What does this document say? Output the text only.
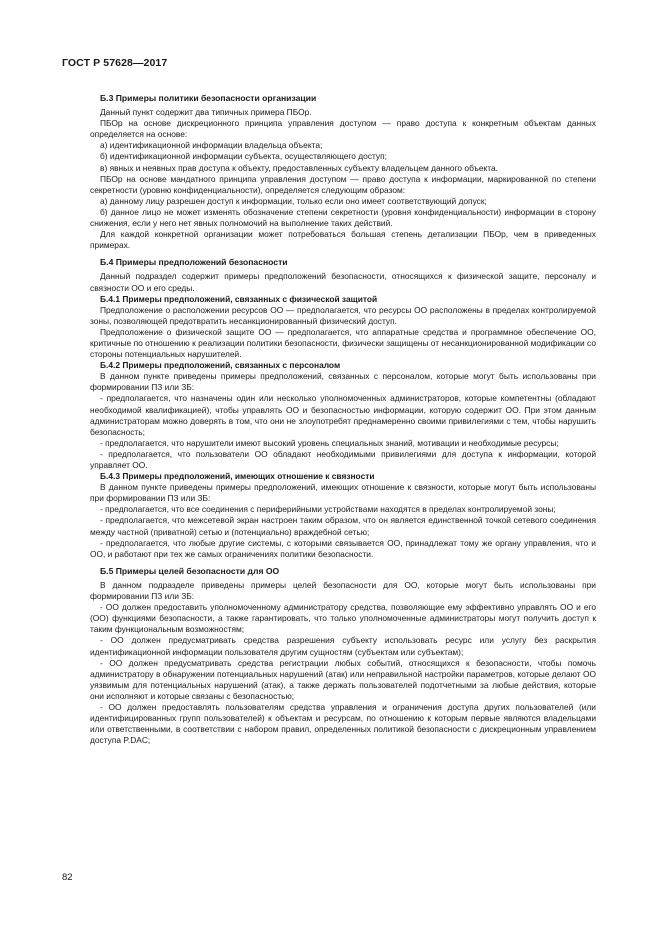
ГОСТ Р 57628—2017
Б.3 Примеры политики безопасности организации

Данный пункт содержит два типичных примера ПБОр.

ПБОр на основе дискреционного принципа управления доступом — право доступа к конкретным объектам данных определяется на основе:

а) идентификационной информации владельца объекта;

б) идентификационной информации субъекта, осуществляющего доступ;

в) явных и неявных прав доступа к объекту, предоставленных субъекту владельцем данного объекта.

ПБОр на основе мандатного принципа управления доступом — право доступа к информации, маркированной по степени секретности (уровню конфиденциальности), определяется следующим образом:

а) данному лицу разрешен доступ к информации, только если оно имеет соответствующий допуск;

б) данное лицо не может изменять обозначение степени секретности (уровня конфиденциальности) информации в сторону снижения, если у него нет явных полномочий на выполнение таких действий.

Для каждой конкретной организации может потребоваться большая степень детализации ПБОр, чем в приведенных примерах.

Б.4 Примеры предположений безопасности

Данный подраздел содержит примеры предположений безопасности, относящихся к физической защите, персоналу и связности ОО и его среды.

Б.4.1 Примеры предположений, связанных с физической защитой

Предположение о расположении ресурсов ОО — предполагается, что ресурсы ОО расположены в пределах контролируемой зоны, позволяющей предотвратить несанкционированный физический доступ.

Предположение о физической защите ОО — предполагается, что аппаратные средства и программное обеспечение ОО, критичные по отношению к реализации политики безопасности, физически защищены от несанкционированной модификации со стороны потенциальных нарушителей.

Б.4.2 Примеры предположений, связанных с персоналом

В данном пункте приведены примеры предположений, связанных с персоналом, которые могут быть использованы при формировании ПЗ или ЗБ:

- предполагается, что назначены один или несколько уполномоченных администраторов, которые компетентны (обладают необходимой квалификацией), чтобы управлять ОО и безопасностью информации, которую содержит ОО. При этом данным администраторам можно доверять в том, что они не злоупотребят преднамеренно своими привилегиями с тем, чтобы нарушить безопасность;

- предполагается, что нарушители имеют высокий уровень специальных знаний, мотивации и необходимые ресурсы;

- предполагается, что пользователи ОО обладают необходимыми привилегиями для доступа к информации, которой управляет ОО.

Б.4.3 Примеры предположений, имеющих отношение к связности

В данном пункте приведены примеры предположений, имеющих отношение к связности, которые могут быть использованы при формировании ПЗ или ЗБ:

- предполагается, что все соединения с периферийными устройствами находятся в пределах контролируемой зоны;

- предполагается, что межсетевой экран настроен таким образом, что он является единственной точкой сетевого соединения между частной (приватной) сетью и (потенциально) враждебной сетью;

- предполагается, что любые другие системы, с которыми связывается ОО, принадлежат тому же органу управления, что и ОО, и работают при тех же самых ограничениях политики безопасности.

Б.5 Примеры целей безопасности для ОО

В данном подразделе приведены примеры целей безопасности для ОО, которые могут быть использованы при формировании ПЗ или ЗБ:

- ОО должен предоставить уполномоченному администратору средства, позволяющие ему эффективно управлять ОО и его (ОО) функциями безопасности, а также гарантировать, что только уполномоченные администраторы могут получить доступ к таким функциональным возможностям;

- ОО должен предусматривать средства разрешения субъекту использовать ресурс или услугу без раскрытия идентификационной информации пользователя другим сущностям (субъектам или субъектам);

- ОО должен предусматривать средства регистрации любых событий, относящихся к безопасности, чтобы помочь администратору в обнаружении потенциальных нарушений (атак) или неправильной настройки параметров, которые делают ОО уязвимым для потенциальных нарушений (атак), а также держать пользователей подотчетными за любые действия, которые они исполняют и которые связаны с безопасностью;

- ОО должен предоставлять пользователям средства управления и ограничения доступа других пользователей (или идентифицированных групп пользователей) к объектам и ресурсам, по отношению к которым первые являются владельцами или ответственными, в соответствии с набором правил, определенных политикой безопасности с дискреционным управлением доступа P.DAC;

82
